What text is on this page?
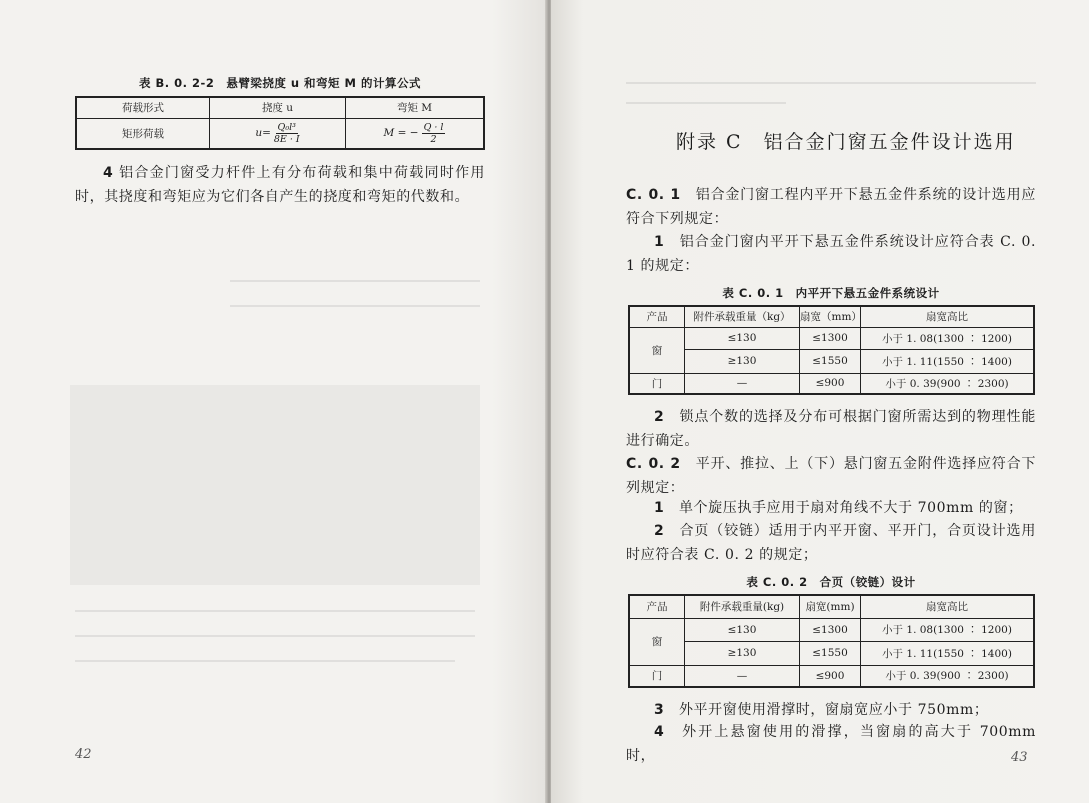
表 B. 0. 2-2　悬臂梁挠度 u 和弯矩 M 的计算公式
荷载形式	挠度 u	弯矩 M
矩形荷载	$u= \frac{\text{Q₀l³}}{8E \cdot I}$	M = − $\frac{Q \cdot l}{2}$
4 铝合金门窗受力杆件上有分布荷载和集中荷载同时作用时，其挠度和弯矩应为它们各自产生的挠度和弯矩的代数和。
42
附录 C　铝合金门窗五金件设计选用
C. 0. 1　 铝合金门窗工程内平开下悬五金件系统的设计选用应符合下列规定：
1　 铝合金门窗内平开下悬五金件系统设计应符合表 C. 0. 1 的规定：
表 C. 0. 1　内平开下悬五金件系统设计
产品	附件承载重量（kg）	扇宽（mm）	扇宽高比
窗	≤130	≤1300	小于 1. 08(1300 ∶ 1200)
	≥130	≤1550	小于 1. 11(1550 ∶ 1400)
门	—	≤900	小于 0. 39(900 ∶ 2300)
2　 锁点个数的选择及分布可根据门窗所需达到的物理性能进行确定。
C. 0. 2　 平开、推拉、上（下）悬门窗五金附件选择应符合下列规定：
1　 单个旋压执手应用于扇对角线不大于 700mm 的窗；
2　 合页（铰链）适用于内平开窗、平开门，合页设计选用时应符合表 C. 0. 2 的规定；
表 C. 0. 2　合页（铰链）设计
产品	附件承载重量(kg)	扇宽(mm)	扇宽高比
窗	≤130	≤1300	小于 1. 08(1300 ∶ 1200)
	≥130	≤1550	小于 1. 11(1550 ∶ 1400)
门	—	≤900	小于 0. 39(900 ∶ 2300)
3　 外平开窗使用滑撑时，窗扇宽应小于 750mm；
4　 外开上悬窗使用的滑撑，当窗扇的高大于 700mm 时，	43
